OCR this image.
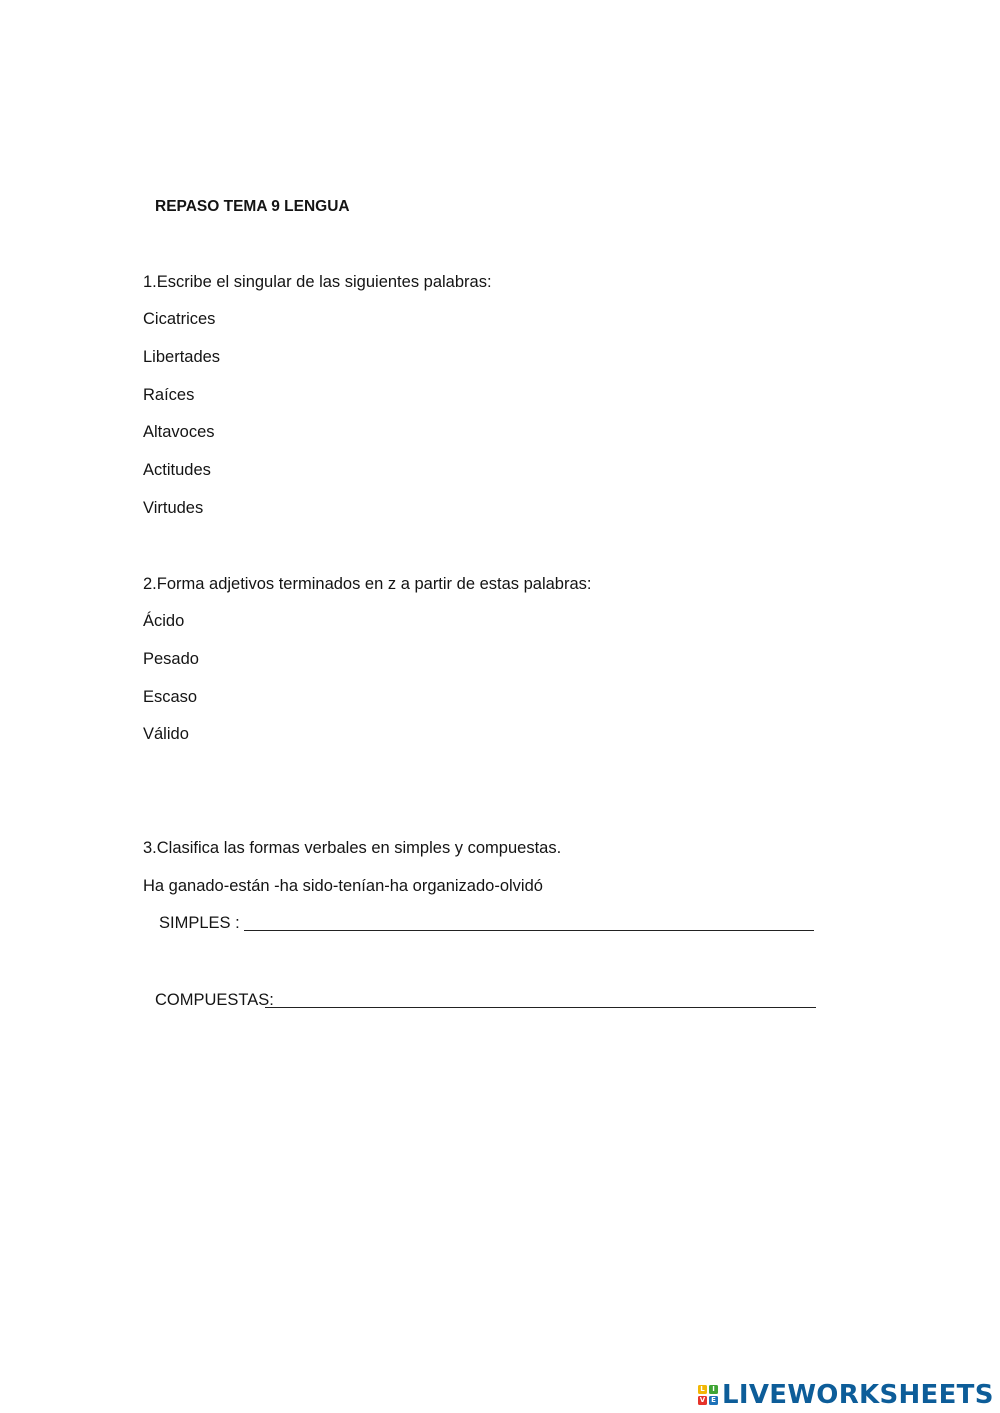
REPASO TEMA 9 LENGUA
1.Escribe el singular de las siguientes palabras:
Cicatrices
Libertades
Raíces
Altavoces
Actitudes
Virtudes
2.Forma adjetivos terminados en z a partir de estas palabras:
Ácido
Pesado
Escaso
Válido
3.Clasifica las formas verbales en simples y compuestas.
Ha ganado-están -ha sido-tenían-ha organizado-olvidó
SIMPLES :
COMPUESTAS:
L	I
V E LIVEWORKSHEETS
